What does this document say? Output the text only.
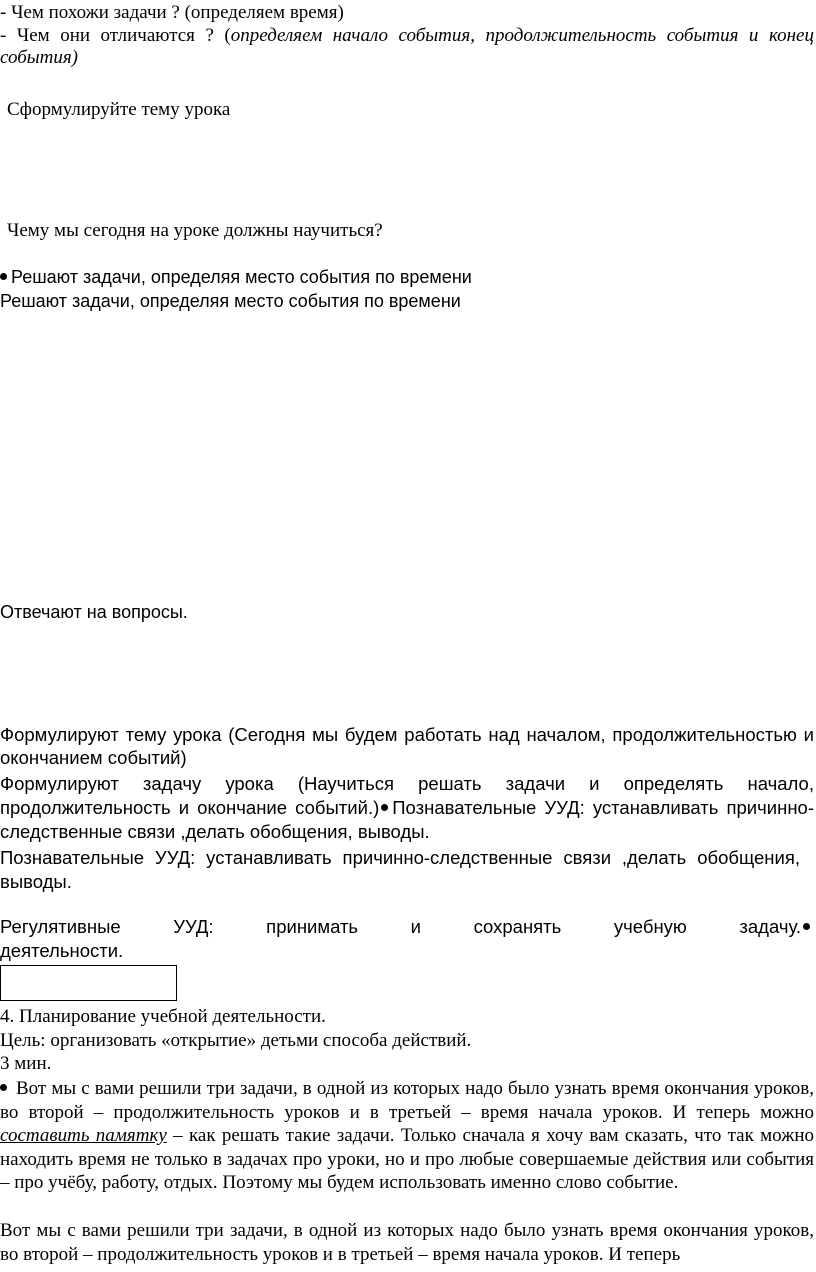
- Чем похожи задачи ? (определяем время)
- Чем они отличаются ? (определяем начало события, продолжительность события и конец события)
Сформулируйте тему урока
Чему мы сегодня на уроке должны научиться?
Решают задачи, определяя место события по времени
Решают задачи, определяя место события по времени
Отвечают на вопросы.
Формулируют тему урока (Сегодня мы будем работать над началом, продолжительностью и окончанием событий)
Формулируют задачу урока (Научиться решать задачи и определять начало, продолжительность и окончание событий.) Познавательные УУД: устанавливать причинно-следственные связи ,делать обобщения, выводы.
Познавательные УУД: устанавливать причинно-следственные связи ,делать обобщения, выводы.
Регулятивные	УУД:	принимать	и	сохранять	учебную	задачу.
деятельности.
4. Планирование учебной деятельности.
Цель: организовать «открытие» детьми способа действий.
3 мин.
Вот мы с вами решили три задачи, в одной из которых надо было узнать время окончания уроков, во второй – продолжительность уроков и в третьей – время начала уроков. И теперь можно составить памятку – как решать такие задачи. Только сначала я хочу вам сказать, что так можно находить время не только в задачах про уроки, но и про любые совершаемые действия или события – про учёбу, работу, отдых. Поэтому мы будем использовать именно слово событие.
Вот мы с вами решили три задачи, в одной из которых надо было узнать время окончания уроков, во второй – продолжительность уроков и в третьей – время начала уроков. И теперь
